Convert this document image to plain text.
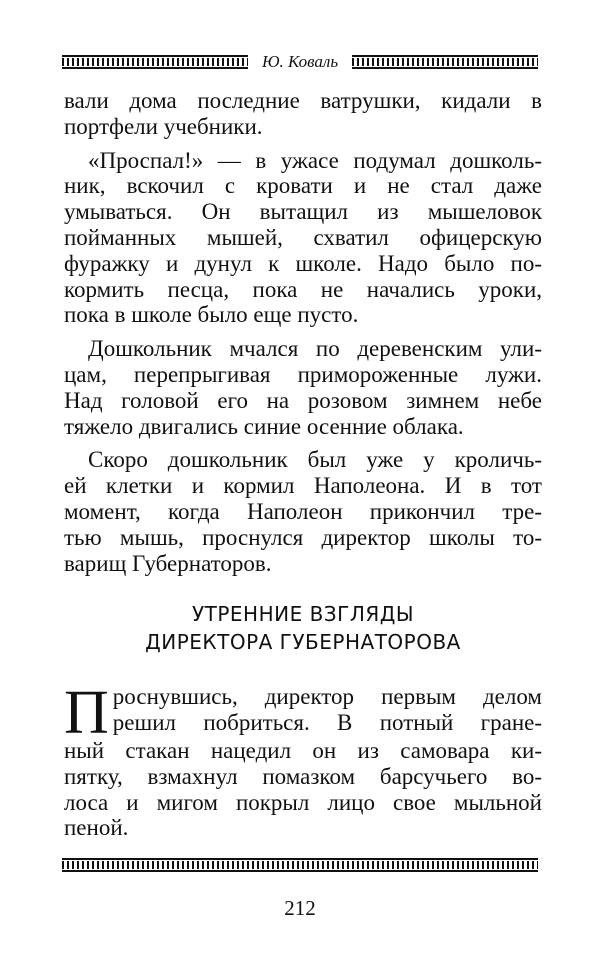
Ю. Коваль
вали дома последние ватрушки, кидали в
портфели учебники.
«Проспал!» — в ужасе подумал дошколь-
ник, вскочил с кровати и не стал даже
умываться. Он вытащил из мышеловок
пойманных мышей, схватил офицерскую
фуражку и дунул к школе. Надо было по-
кормить песца, пока не начались уроки,
пока в школе было еще пусто.
Дошкольник мчался по деревенским ули-
цам, перепрыгивая примороженные лужи.
Над головой его на розовом зимнем небе
тяжело двигались синие осенние облака.
Скоро дошкольник был уже у кроличь-
ей клетки и кормил Наполеона. И в тот
момент, когда Наполеон прикончил тре-
тью мышь, проснулся директор школы то-
варищ Губернаторов.
УТРЕННИЕ ВЗГЛЯДЫ
ДИРЕКТОРА ГУБЕРНАТОРОВА
П роснувшись, директор первым делом
решил побриться. В потный гране-
ный стакан нацедил он из самовара ки-
пятку, взмахнул помазком барсучьего во-
лоса и мигом покрыл лицо свое мыльной
пеной.
212
